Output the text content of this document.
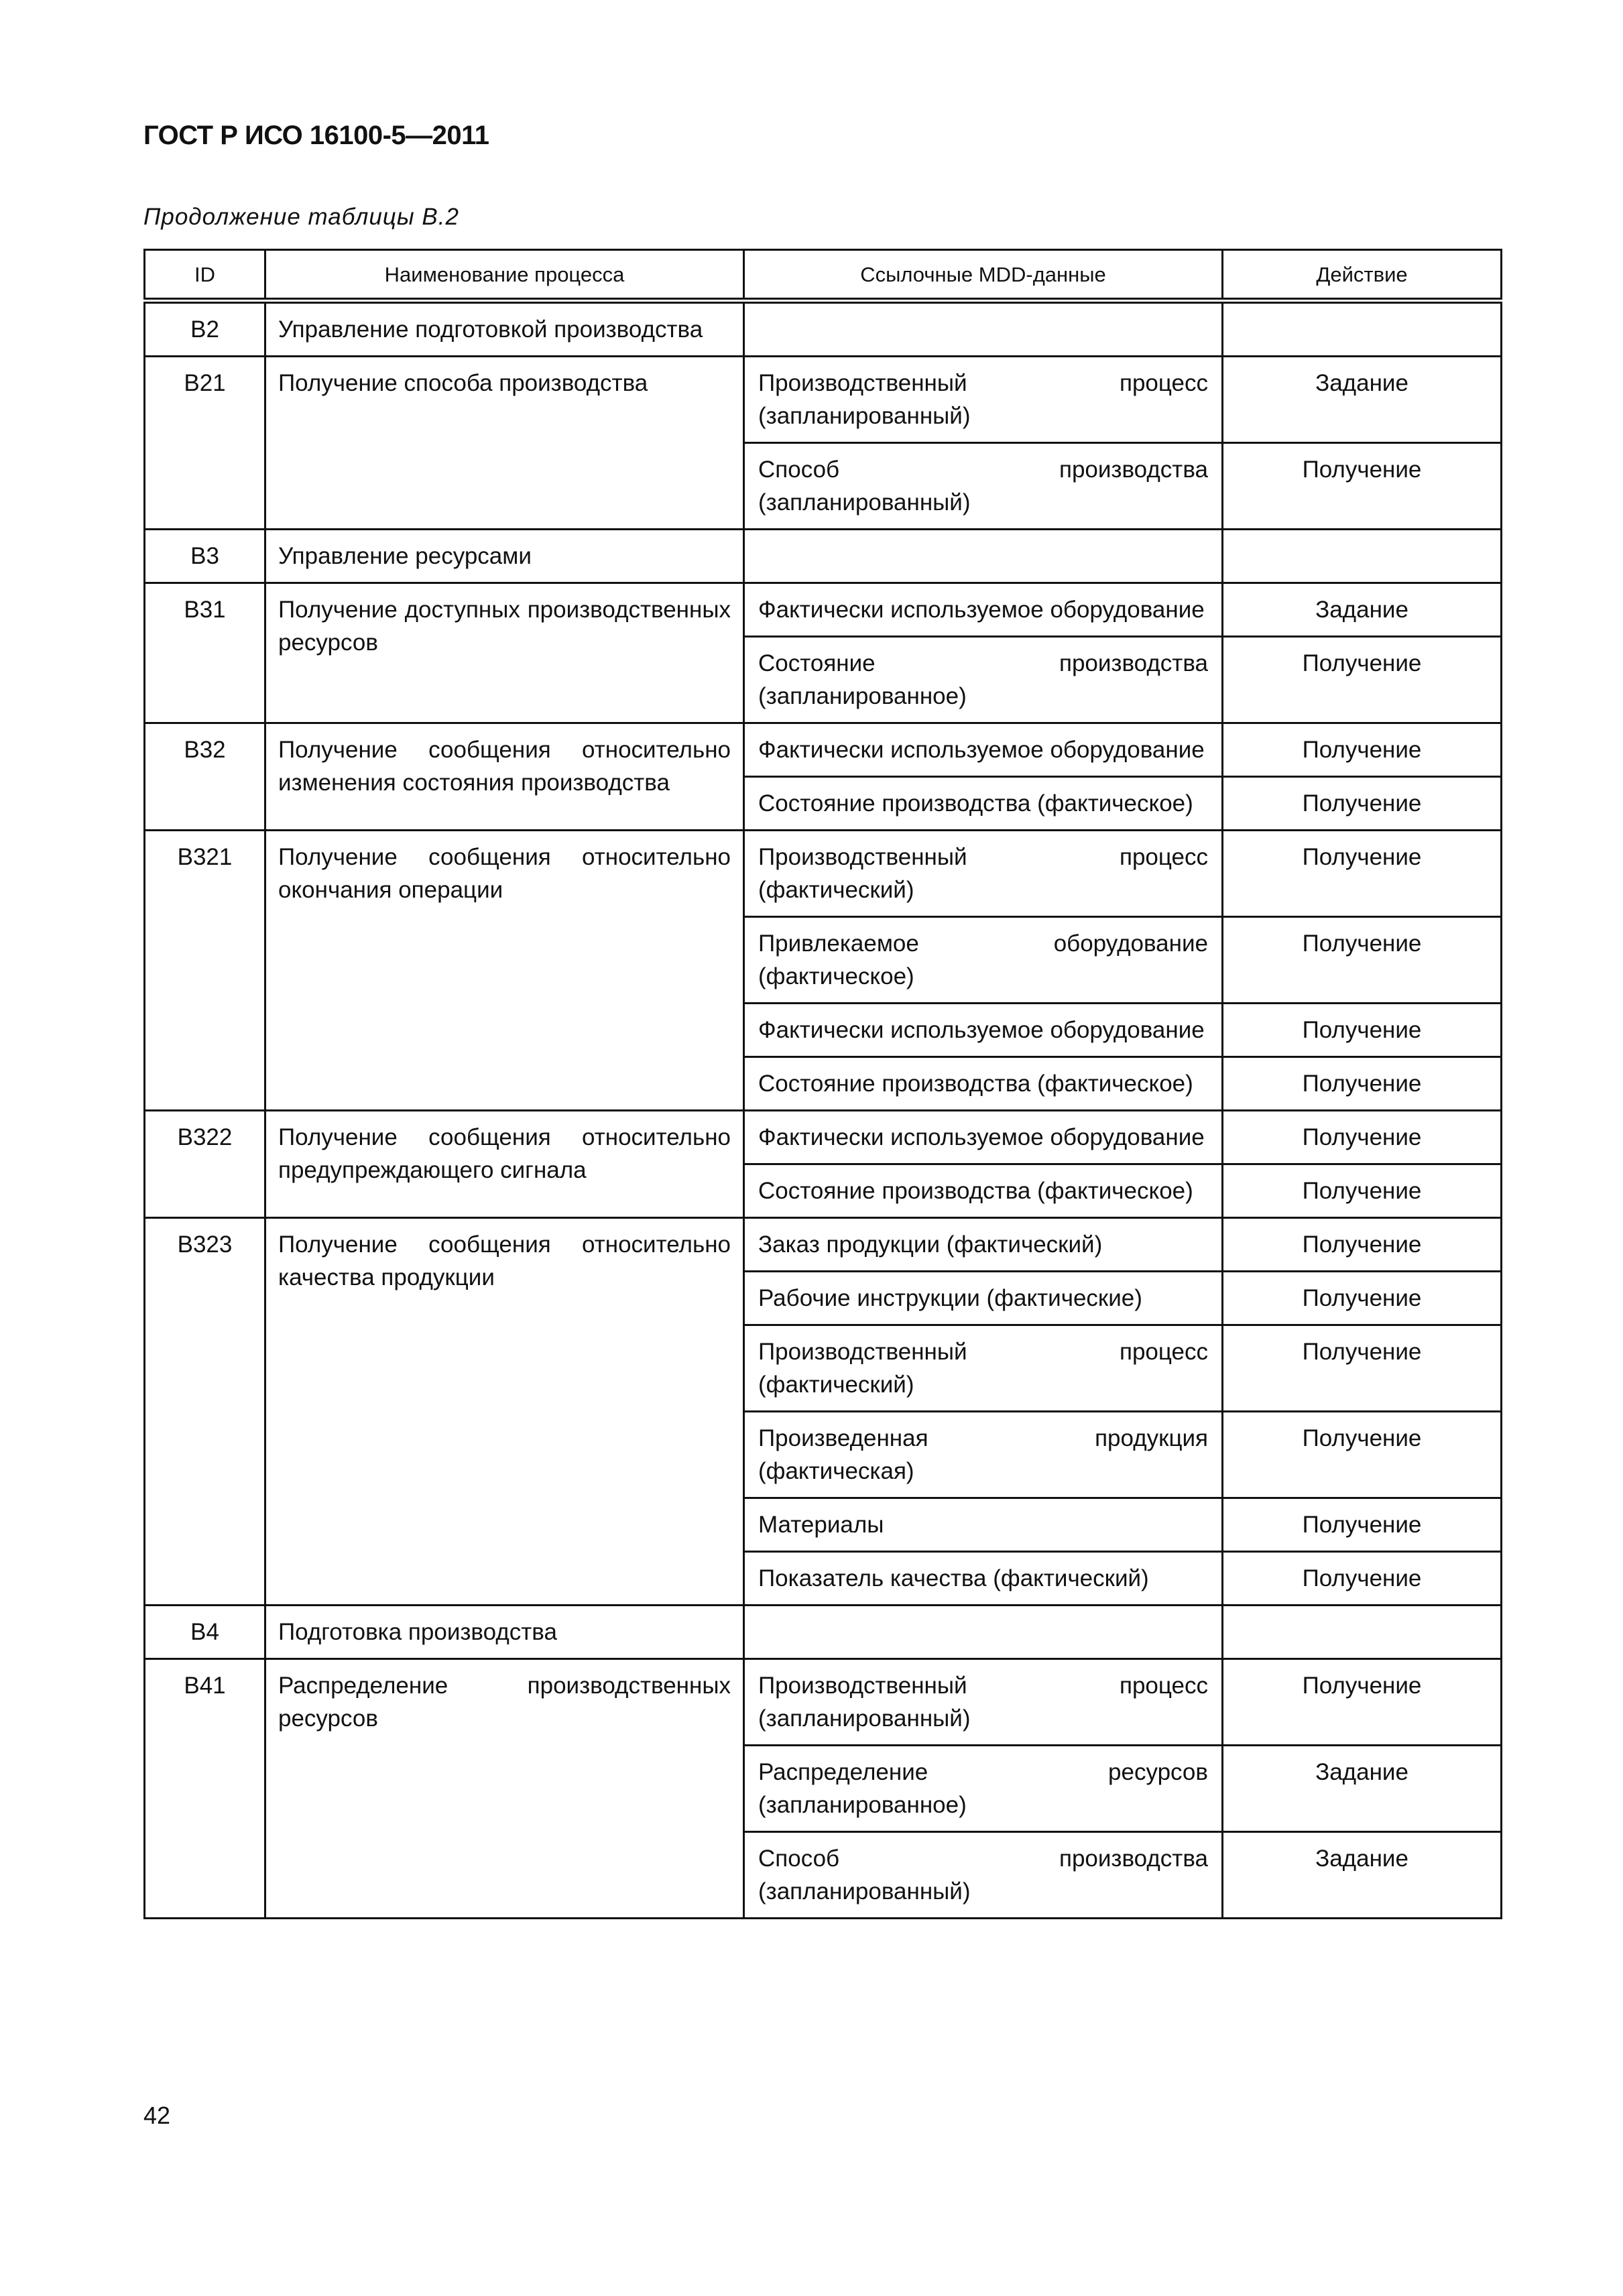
ГОСТ Р ИСО 16100-5—2011
Продолжение таблицы В.2
ID	Наименование процесса	Ссылочные MDD-данные	Действие
В2	Управление подготовкой производства		
В21	Получение способа производства	Производственный процесс (запланированный)	Задание
		Способ производства (запланированный)	Получение
В3	Управление ресурсами		
В31	Получение доступных производственных ресурсов	Фактически используемое оборудование	Задание
		Состояние производства (запланированное)	Получение
В32	Получение сообщения относительно изменения состояния производства	Фактически используемое оборудование	Получение
		Состояние производства (фактическое)	Получение
В321	Получение сообщения относительно окончания операции	Производственный процесс (фактический)	Получение
		Привлекаемое оборудование (фактическое)	Получение
		Фактически используемое оборудование	Получение
		Состояние производства (фактическое)	Получение
В322	Получение сообщения относительно предупреждающего сигнала	Фактически используемое оборудование	Получение
		Состояние производства (фактическое)	Получение
В323	Получение сообщения относительно качества продукции	Заказ продукции (фактический)	Получение
		Рабочие инструкции (фактические)	Получение
		Производственный процесс (фактический)	Получение
		Произведенная продукция (фактическая)	Получение
		Материалы	Получение
		Показатель качества (фактический)	Получение
В4	Подготовка производства		
В41	Распределение производственных ресурсов	Производственный процесс (запланированный)	Получение
		Распределение ресурсов (запланированное)	Задание
		Способ производства (запланированный)	Задание
42
